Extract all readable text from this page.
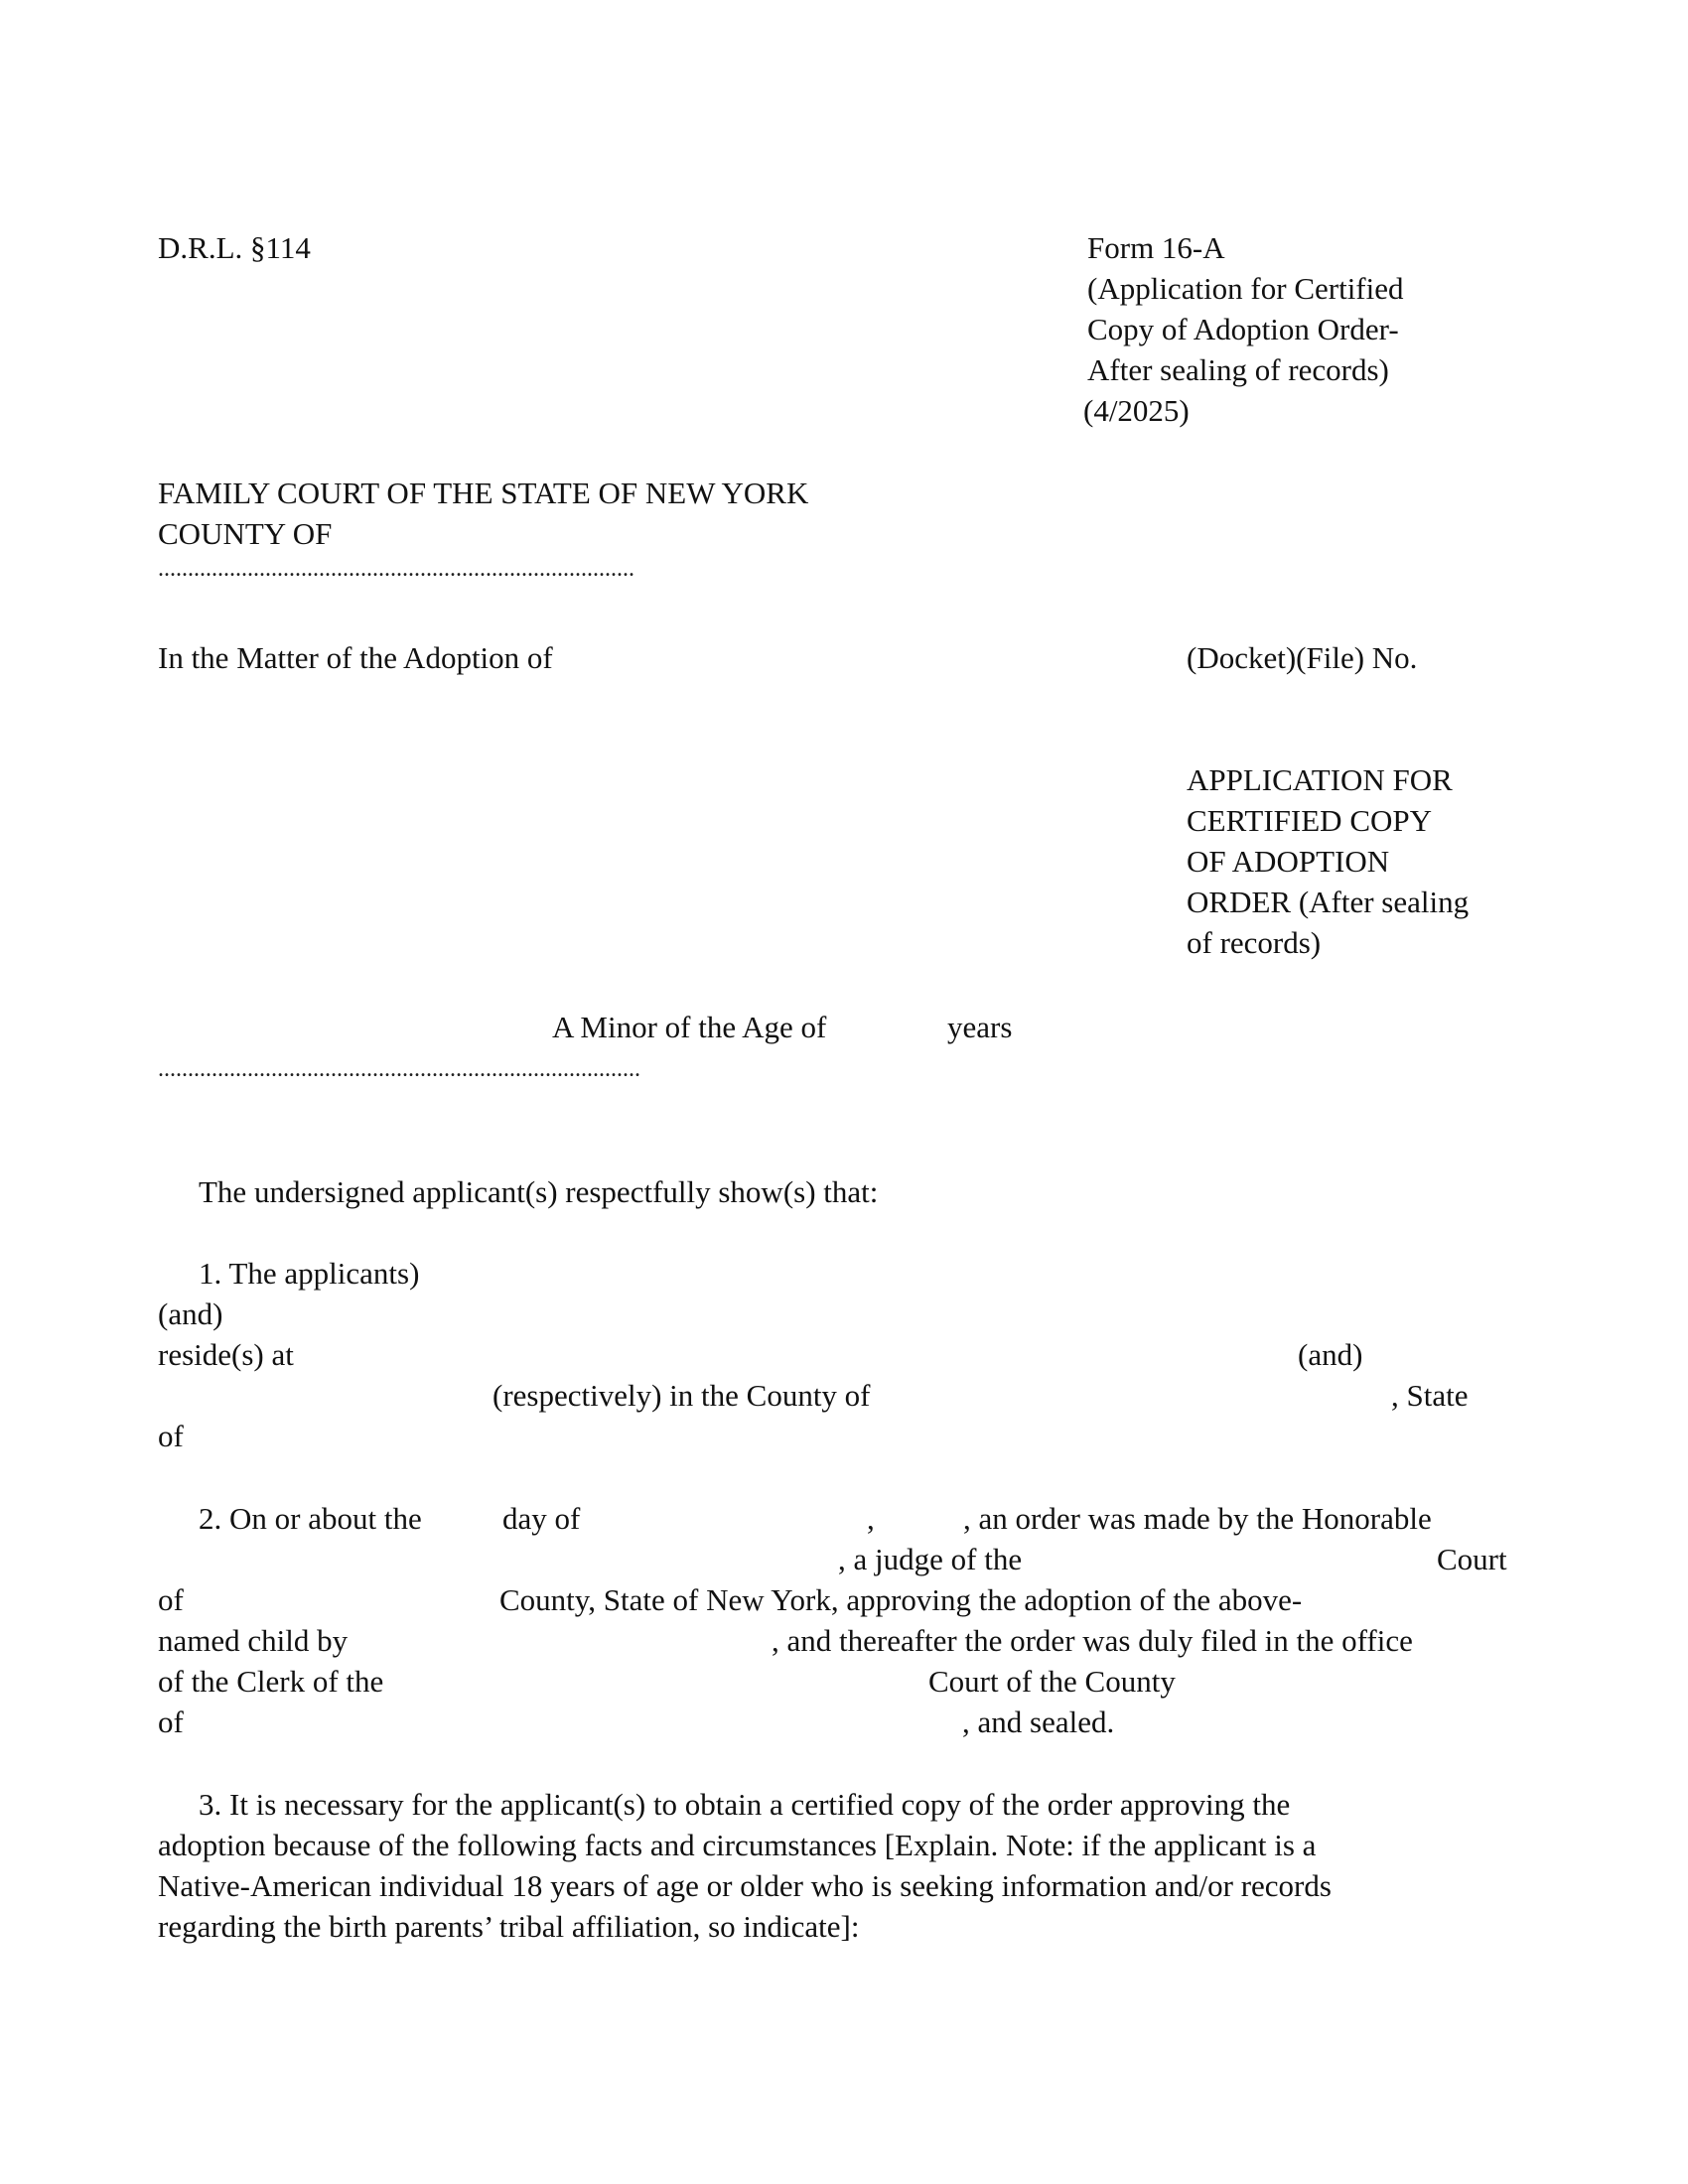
D.R.L. §114	Form 16-A
(Application for Certified
Copy of Adoption Order-
After sealing of records)
(4/2025)
FAMILY COURT OF THE STATE OF NEW YORK
COUNTY OF
................................................................................
In the Matter of the Adoption of	(Docket)(File) No.
APPLICATION FOR
CERTIFIED COPY
OF ADOPTION
ORDER (After sealing
of records)
A Minor of the Age of	years
.................................................................................
The undersigned applicant(s) respectfully show(s) that:
1. The applicants)
(and)
reside(s) at	(and)
(respectively) in the County of	, State
of
2. On or about the	day of	,	, an order was made by the Honorable
, a judge of the	Court
of	County, State of New York, approving the adoption of the above-
named child by	, and thereafter the order was duly filed in the office
of the Clerk of the	Court of the County
of	, and sealed.
3. It is necessary for the applicant(s) to obtain a certified copy of the order approving the
adoption because of the following facts and circumstances [Explain. Note: if the applicant is a
Native-American individual 18 years of age or older who is seeking information and/or records
regarding the birth parents’ tribal affiliation, so indicate]:
